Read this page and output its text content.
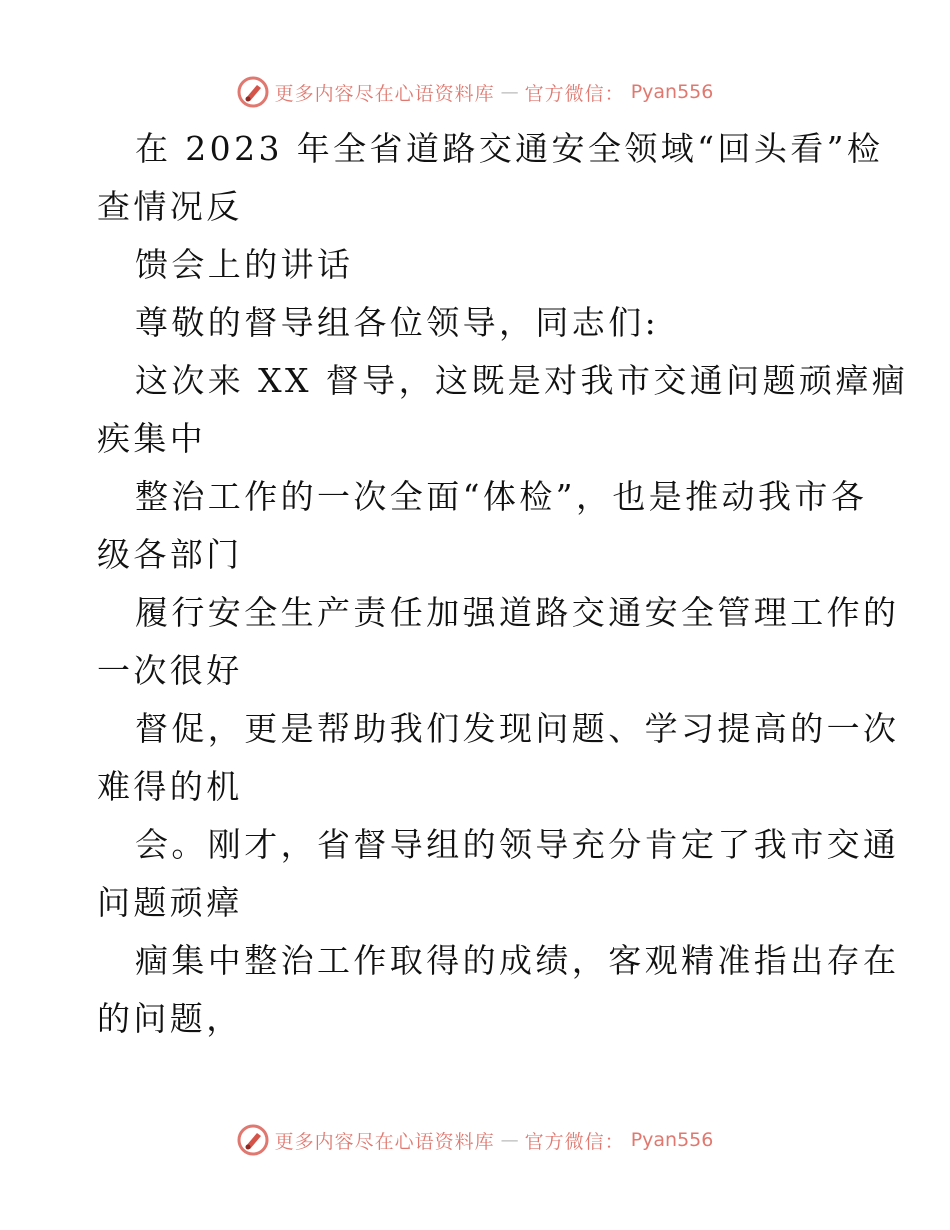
更多内容尽在心语资料库 — 官方微信： Pyan556
在 2023 年全省道路交通安全领域“回头看”检
查情况反
馈会上的讲话
尊敬的督导组各位领导，同志们:
这次来 XX 督导，这既是对我市交通问题顽瘴痼
疾集中
整治工作的一次全面“体检”，也是推动我市各
级各部门
履行安全生产责任加强道路交通安全管理工作的
一次很好
督促，更是帮助我们发现问题、学习提高的一次
难得的机
会。刚才，省督导组的领导充分肯定了我市交通
问题顽瘴
痼集中整治工作取得的成绩，客观精准指出存在
的问题，
更多内容尽在心语资料库 — 官方微信： Pyan556
